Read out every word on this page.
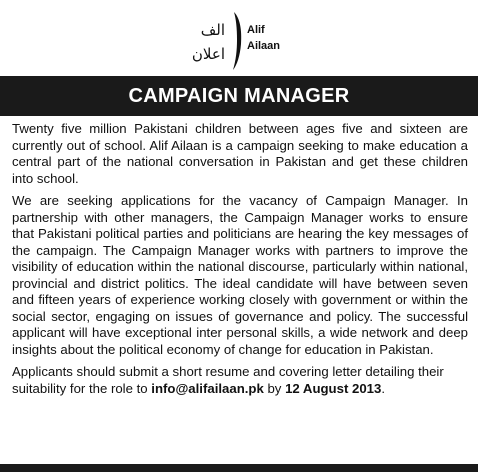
الف
اعلان
Alif
Ailaan
CAMPAIGN MANAGER

Twenty five million Pakistani children between ages five and sixteen are currently out of school. Alif Ailaan is a campaign seeking to make education a central part of the national conversation in Pakistan and get these children into school.

We are seeking applications for the vacancy of Campaign Manager. In partnership with other managers, the Campaign Manager works to ensure that Pakistani political parties and politicians are hearing the key messages of the campaign. The Campaign Manager works with partners to improve the visibility of education within the national discourse, particularly within national, provincial and district politics. The ideal candidate will have between seven and fifteen years of experience working closely with government or within the social sector, engaging on issues of governance and policy. The successful applicant will have exceptional inter personal skills, a wide network and deep insights about the political economy of change for education in Pakistan.

Applicants should submit a short resume and covering letter detailing their suitability for the role to info@alifailaan.pk by 12 August 2013.
